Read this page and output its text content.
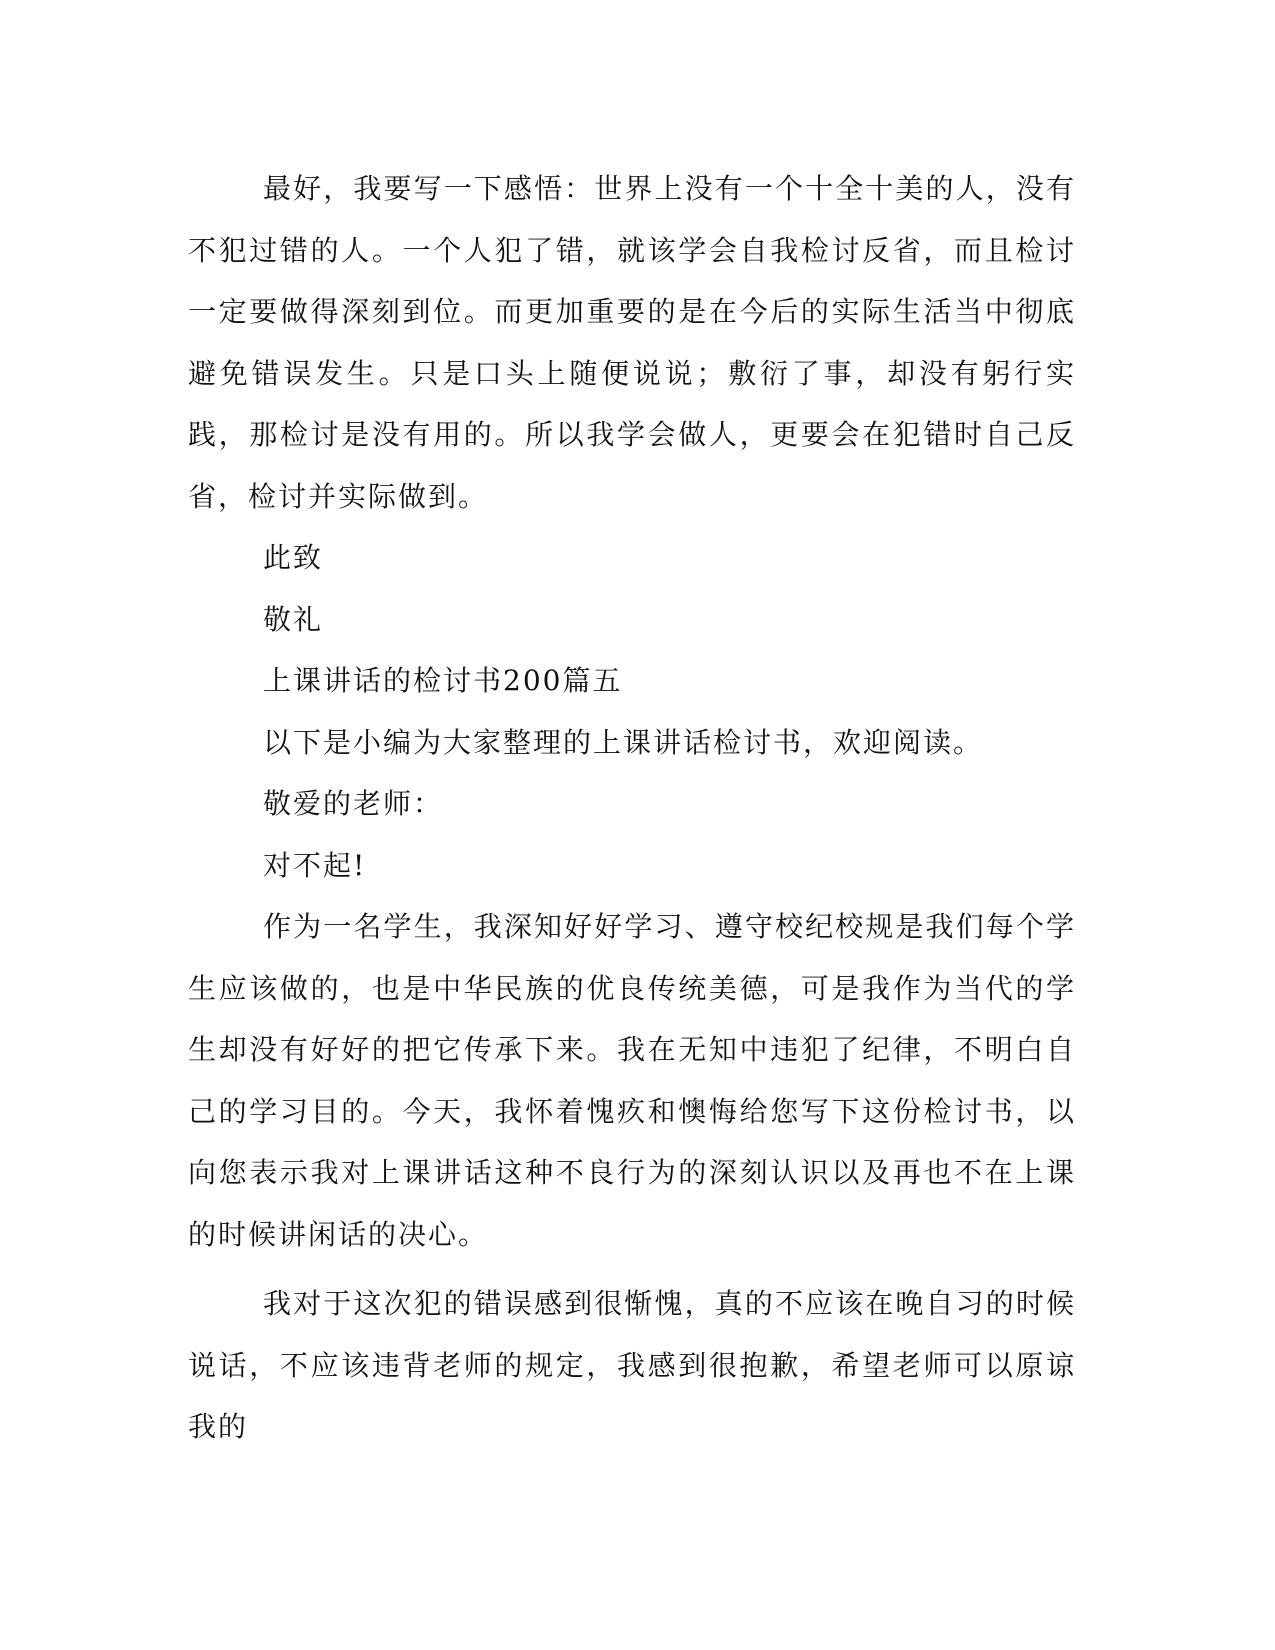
最好，我要写一下感悟：世界上没有一个十全十美的人，没有不犯过错的人。一个人犯了错，就该学会自我检讨反省，而且检讨一定要做得深刻到位。而更加重要的是在今后的实际生活当中彻底避免错误发生。只是口头上随便说说；敷衍了事，却没有躬行实践，那检讨是没有用的。所以我学会做人，更要会在犯错时自己反省，检讨并实际做到。

此致

敬礼

上课讲话的检讨书200篇五

以下是小编为大家整理的上课讲话检讨书，欢迎阅读。

敬爱的老师：

对不起!

作为一名学生，我深知好好学习、遵守校纪校规是我们每个学生应该做的，也是中华民族的优良传统美德，可是我作为当代的学生却没有好好的把它传承下来。我在无知中违犯了纪律，不明白自己的学习目的。今天，我怀着愧疚和懊悔给您写下这份检讨书，以向您表示我对上课讲话这种不良行为的深刻认识以及再也不在上课的时候讲闲话的决心。

我对于这次犯的错误感到很惭愧，真的不应该在晚自习的时候说话，不应该违背老师的规定，我感到很抱歉，希望老师可以原谅我的
